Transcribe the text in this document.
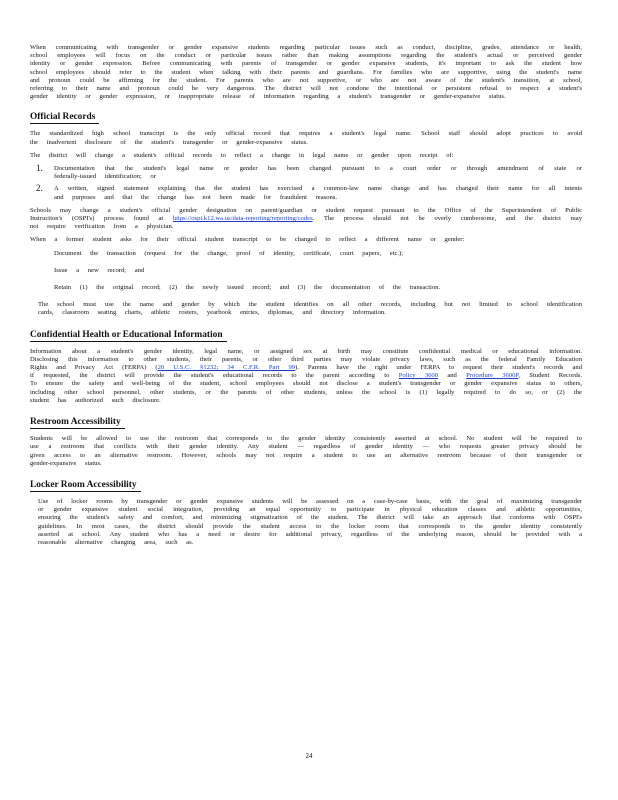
When communicating with transgender or gender expansive students regarding particular issues such as conduct, discipline, grades, attendance or health, school employees will focus on the conduct or particular issues rather than making assumptions regarding the student's actual or perceived gender identity or gender expression. Before communicating with parents of transgender or gender expansive students, it's important to ask the student how school employees should refer to the student when talking with their parents and guardians. For families who are supportive, using the student's name and pronoun could be affirming for the student. For parents who are not supportive, or who are not aware of the student's transition, at school, referring to their name and pronoun could be very dangerous. The district will not condone the intentional or persistent refusal to respect a student's gender identity or gender expression, or inappropriate release of information regarding a student's transgender or gender-expansive status.

Official Records

The standardized high school transcript is the only official record that requires a student's legal name. School staff should adopt practices to avoid the inadvertent disclosure of the student's transgender or gender-expansive status.

The district will change a student's official records to reflect a change in legal name or gender upon receipt of:

1. Documentation that the student's legal name or gender has been changed pursuant to a court order or through amendment of state or federally-issued identification; or
2. A written, signed statement explaining that the student has exercised a common-law name change and has changed their name for all intents and purposes and that the change has not been made for fraudulent reasons.

Schools may change a student's official gender designation on parent/guardian or student request pursuant to the Office of the Superintendent of Public Instruction's (OSPI's) process found at https://ospi.k12.wa.us/data-reporting/reporting/codes. The process should not be overly cumbersome, and the district may not require verification from a physician.

When a former student asks for their official student transcript to be changed to reflect a different name or gender:

Document the transaction (request for the change, proof of identity, certificate, court papers, etc.);
Issue a new record; and
Retain (1) the original record; (2) the newly issued record; and (3) the documentation of the transaction.

The school must use the name and gender by which the student identifies on all other records, including but not limited to school identification cards, classroom seating charts, athletic rosters, yearbook entries, diplomas, and directory information.

Confidential Health or Educational Information

Information about a student's gender identity, legal name, or assigned sex at birth may constitute confidential medical or educational information. Disclosing this information to other students, their parents, or other third parties may violate privacy laws, such as the federal Family Education Rights and Privacy Act (FERPA) (20 U.S.C. §1232; 34 C.F.R. Part 99). Parents have the right under FERPA to request their student's records and if requested, the district will provide the student's educational records to the parent according to Policy 3600 and Procedure 3600P, Student Records. To ensure the safety and well-being of the student, school employees should not disclose a student's transgender or gender expansive status to others, including other school personnel, other students, or the parents of other students, unless the school is (1) legally required to do so, or (2) the student has authorized such disclosure.

Restroom Accessibility

Students will be allowed to use the restroom that corresponds to the gender identity consistently asserted at school. No student will be required to use a restroom that conflicts with their gender identity. Any student — regardless of gender identity — who requests greater privacy should be given access to an alternative restroom. However, schools may not require a student to use an alternative restroom because of their transgender or gender-expansive status.

Locker Room Accessibility

Use of locker rooms by transgender or gender expansive students will be assessed on a case-by-case basis, with the goal of maximizing transgender or gender expansive student social integration, providing an equal opportunity to participate in physical education classes and athletic opportunities, ensuring the student's safety and comfort, and minimizing stigmatization of the student. The district will take an approach that conforms with OSPI's guidelines. In most cases, the district should provide the student access to the locker room that corresponds to the gender identity consistently asserted at school. Any student who has a need or desire for additional privacy, regardless of the underlying reason, should be provided with a reasonable alternative changing area, such as.

24
